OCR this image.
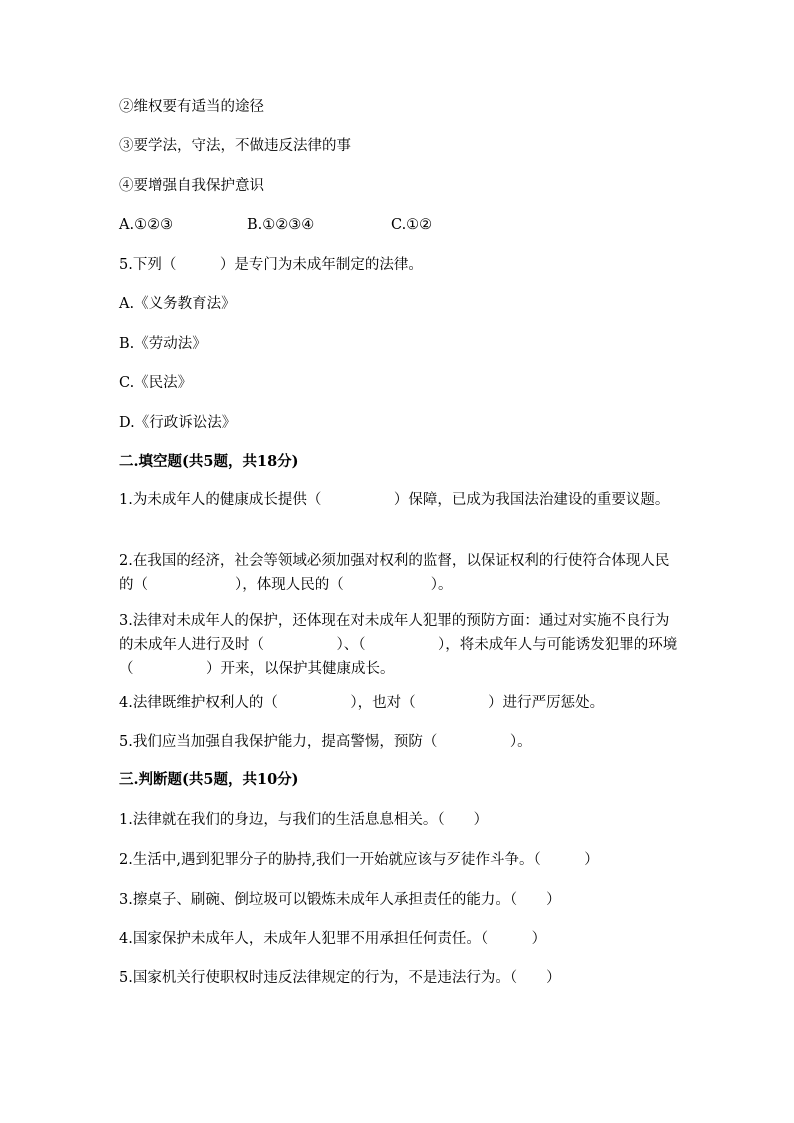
②维权要有适当的途径
③要学法，守法，不做违反法律的事
④要增强自我保护意识
A.①②③	B.①②③④	C.①②
5.下列（　　　）是专门为未成年制定的法律。
A.《义务教育法》
B.《劳动法》
C.《民法》
D.《行政诉讼法》
二.填空题(共5题，共18分)
1.为未成年人的健康成长提供（　　　　　）保障，已成为我国法治建设的重要议题。
2.在我国的经济，社会等领域必须加强对权利的监督，以保证权利的行使符合体现人民的（　　　　　　），体现人民的（　　　　　　）。
3.法律对未成年人的保护，还体现在对未成年人犯罪的预防方面：通过对实施不良行为的未成年人进行及时（　　　　　）、（　　　　　），将未成年人与可能诱发犯罪的环境（　　　　　）开来，以保护其健康成长。
4.法律既维护权利人的（　　　　　），也对（　　　　　）进行严厉惩处。
5.我们应当加强自我保护能力，提高警惕，预防（　　　　　）。
三.判断题(共5题，共10分)
1.法律就在我们的身边，与我们的生活息息相关。（　　）
2.生活中,遇到犯罪分子的胁持,我们一开始就应该与歹徒作斗争。（　　　）
3.擦桌子、刷碗、倒垃圾可以锻炼未成年人承担责任的能力。（　　）
4.国家保护未成年人，未成年人犯罪不用承担任何责任。（　　　）
5.国家机关行使职权时违反法律规定的行为，不是违法行为。（　　）
